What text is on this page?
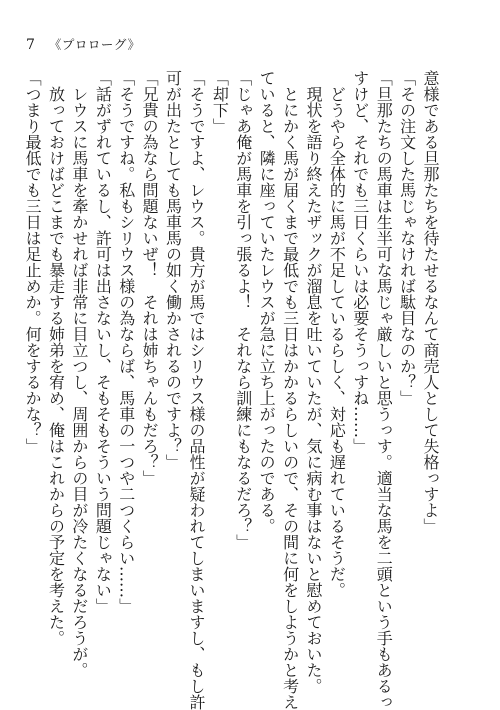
7 《プロローグ》
意様である旦那たちを待たせるなんて商売人として失格っすよ」
「その注文した馬じゃなければ駄目なのか？」
「旦那たちの馬車は生半可な馬じゃ厳しいと思うっす。適当な馬を二頭という手もあるっ
すけど、それでも三日くらいは必要そうっすね……」
　どうやら全体的に馬が不足しているらしく、対応も遅れているそうだ。
　現状を語り終えたザックが溜息を吐いていたが、気に病む事はないと慰めておいた。
　とにかく馬が届くまで最低でも三日はかかるらしいので、その間に何をしようかと考え
ていると、隣に座っていたレウスが急に立ち上がったのである。
「じゃあ俺が馬車を引っ張るよ！　それなら訓練にもなるだろ？」
「却下」
「そうですよ、レウス。貴方が馬ではシリウス様の品性が疑われてしまいますし、もし許
可が出たとしても馬車馬の如く働かされるのですよ？」
「兄貴の為なら問題ないぜ！　それは姉ちゃんもだろ？」
「そうですね。私もシリウス様の為ならば、馬車の一つや二つくらい……」
「話がずれているし、許可は出さないし、そもそもそういう問題じゃない」
　レウスに馬車を牽かせれば非常に目立つし、周囲からの目が冷たくなるだろうが。
　放っておけばどこまでも暴走する姉弟を宥め、俺はこれからの予定を考えた。
「つまり最低でも三日は足止めか。何をするかな？」
